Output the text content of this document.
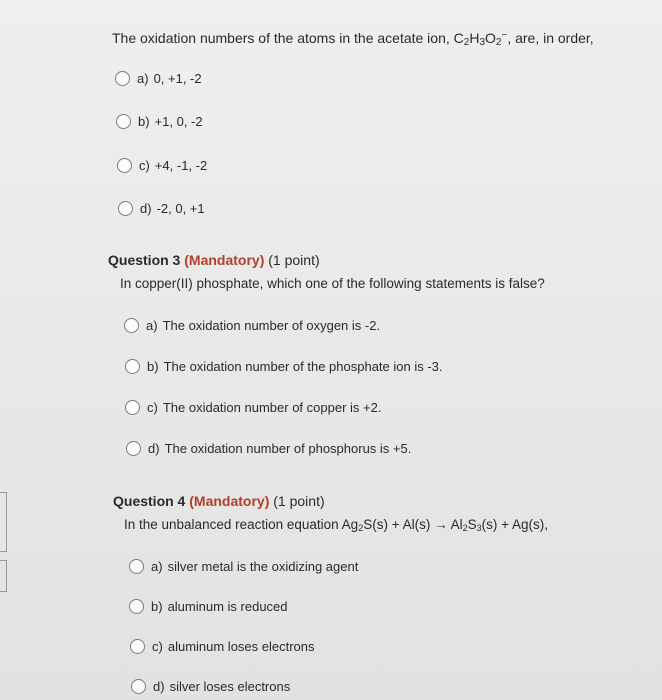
The oxidation numbers of the atoms in the acetate ion, $C_2H_3O_2^-$, are, in order,
a) 0, +1, -2
b) +1, 0, -2
c) +4, -1, -2
d) -2, 0, +1
Question 3 (Mandatory) (1 point)
In copper(II) phosphate, which one of the following statements is false?
a) The oxidation number of oxygen is -2.
b) The oxidation number of the phosphate ion is -3.
c) The oxidation number of copper is +2.
d) The oxidation number of phosphorus is +5.
Question 4 (Mandatory) (1 point)
In the unbalanced reaction equation $Ag_2S(s) + Al(s) \to Al_2S_3(s) + Ag(s)$,
a) silver metal is the oxidizing agent
b) aluminum is reduced
c) aluminum loses electrons
d) silver loses electrons
